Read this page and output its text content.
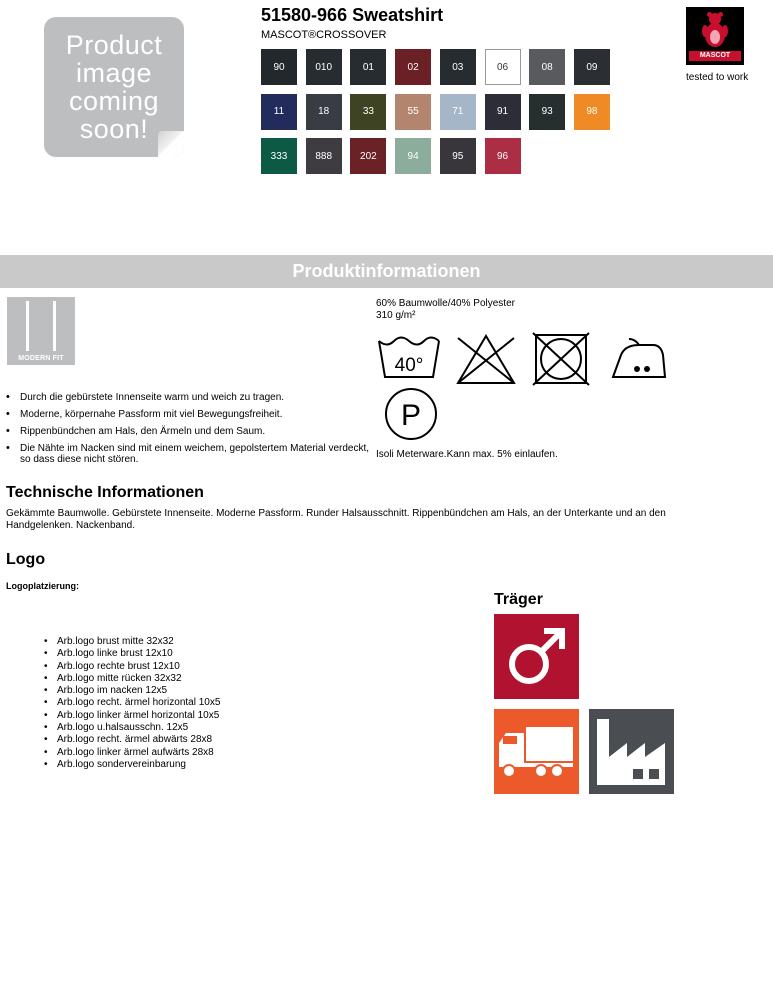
Product
image
coming
soon!
51580-966 Sweatshirt
MASCOT®CROSSOVER
90	010	01	02	03	06	08	09
11	18	33	55	71	91	93	98
333	888	202	94	95	96
MASCOT
tested to work
Produktinformationen
MODERN FIT
60% Baumwolle/40% Polyester
310 g/m²
40°
P
• Durch die gebürstete Innenseite warm und weich zu tragen.
• Moderne, körpernahe Passform mit viel Bewegungsfreiheit.
• Rippenbündchen am Hals, den Ärmeln und dem Saum.
• Die Nähte im Nacken sind mit einem weichem, gepolstertem Material verdeckt, so dass diese nicht stören.	Isoli Meterware.Kann max. 5% einlaufen.
Technische Informationen
Gekämmte Baumwolle. Gebürstete Innenseite. Moderne Passform. Runder Halsausschnitt. Rippenbündchen am Hals, an der Unterkante und an den Handgelenken. Nackenband.
Logo
Logoplatzierung:
• Arb.logo brust mitte 32x32
• Arb.logo linke brust 12x10
• Arb.logo rechte brust 12x10
• Arb.logo mitte rücken 32x32
• Arb.logo im nacken 12x5
• Arb.logo recht. ärmel horizontal 10x5
• Arb.logo linker ärmel horizontal 10x5
• Arb.logo u.halsausschn. 12x5
• Arb.logo recht. ärmel abwärts 28x8
• Arb.logo linker ärmel aufwärts 28x8
• Arb.logo sondervereinbarung
Träger
